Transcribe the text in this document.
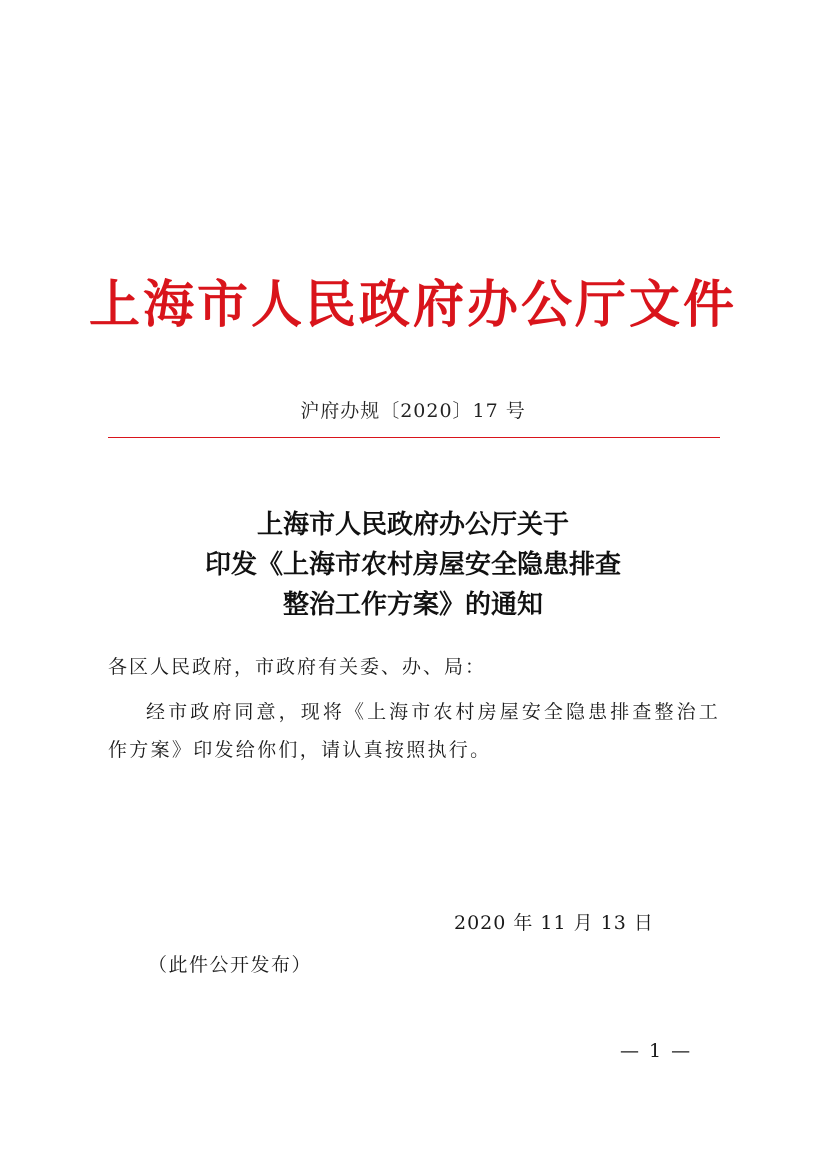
上海市人民政府办公厅文件
沪府办规〔2020〕17 号
上海市人民政府办公厅关于
印发《上海市农村房屋安全隐患排查
整治工作方案》的通知
各区人民政府，市政府有关委、办、局：
经市政府同意，现将《上海市农村房屋安全隐患排查整治工作方案》印发给你们，请认真按照执行。
2020 年 11 月 13 日
（此件公开发布）
— 1 —
